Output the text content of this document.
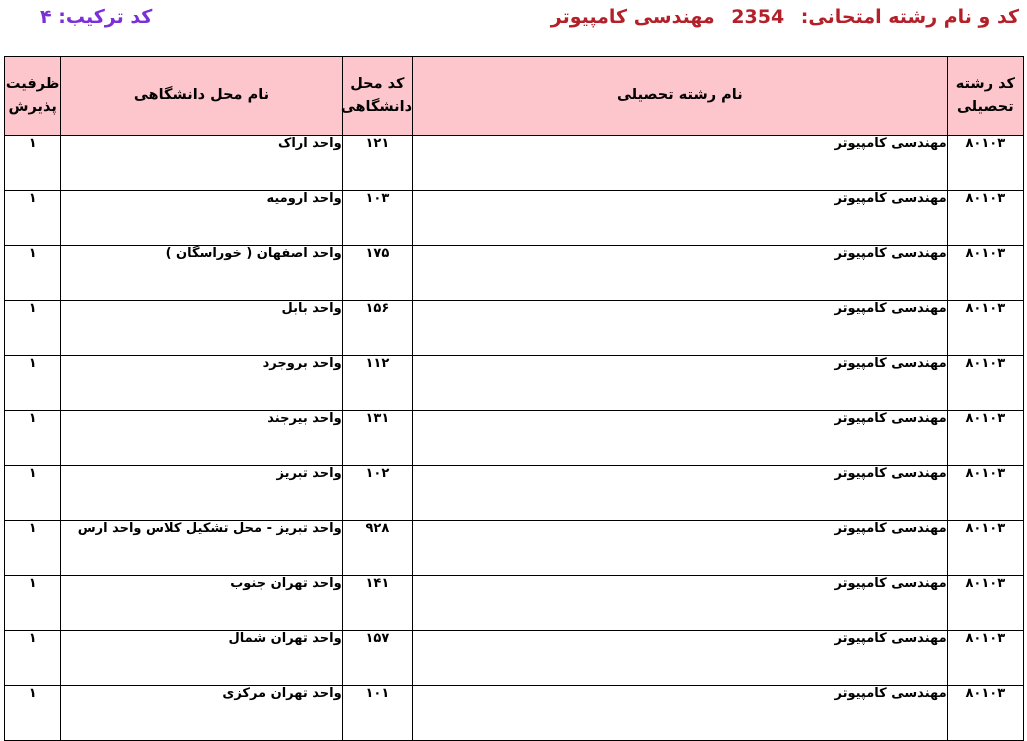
کد و نام رشته امتحانی: 2354 مهندسی کامپیوتر
کد ترکیب: ۴
کد رشته تحصیلی	نام رشته تحصیلی	کد محل دانشگاهی	نام محل دانشگاهی	ظرفیت پذیرش
۸۰۱۰۳	مهندسی کامپیوتر	۱۲۱	واحد اراک	۱
۸۰۱۰۳	مهندسی کامپیوتر	۱۰۳	واحد ارومیه	۱
۸۰۱۰۳	مهندسی کامپیوتر	۱۷۵	واحد اصفهان ( خوراسگان )	۱
۸۰۱۰۳	مهندسی کامپیوتر	۱۵۶	واحد بابل	۱
۸۰۱۰۳	مهندسی کامپیوتر	۱۱۲	واحد بروجرد	۱
۸۰۱۰۳	مهندسی کامپیوتر	۱۳۱	واحد بیرجند	۱
۸۰۱۰۳	مهندسی کامپیوتر	۱۰۲	واحد تبریز	۱
۸۰۱۰۳	مهندسی کامپیوتر	۹۲۸	واحد تبریز - محل تشکیل کلاس واحد ارس	۱
۸۰۱۰۳	مهندسی کامپیوتر	۱۴۱	واحد تهران جنوب	۱
۸۰۱۰۳	مهندسی کامپیوتر	۱۵۷	واحد تهران شمال	۱
۸۰۱۰۳	مهندسی کامپیوتر	۱۰۱	واحد تهران مرکزی	۱
